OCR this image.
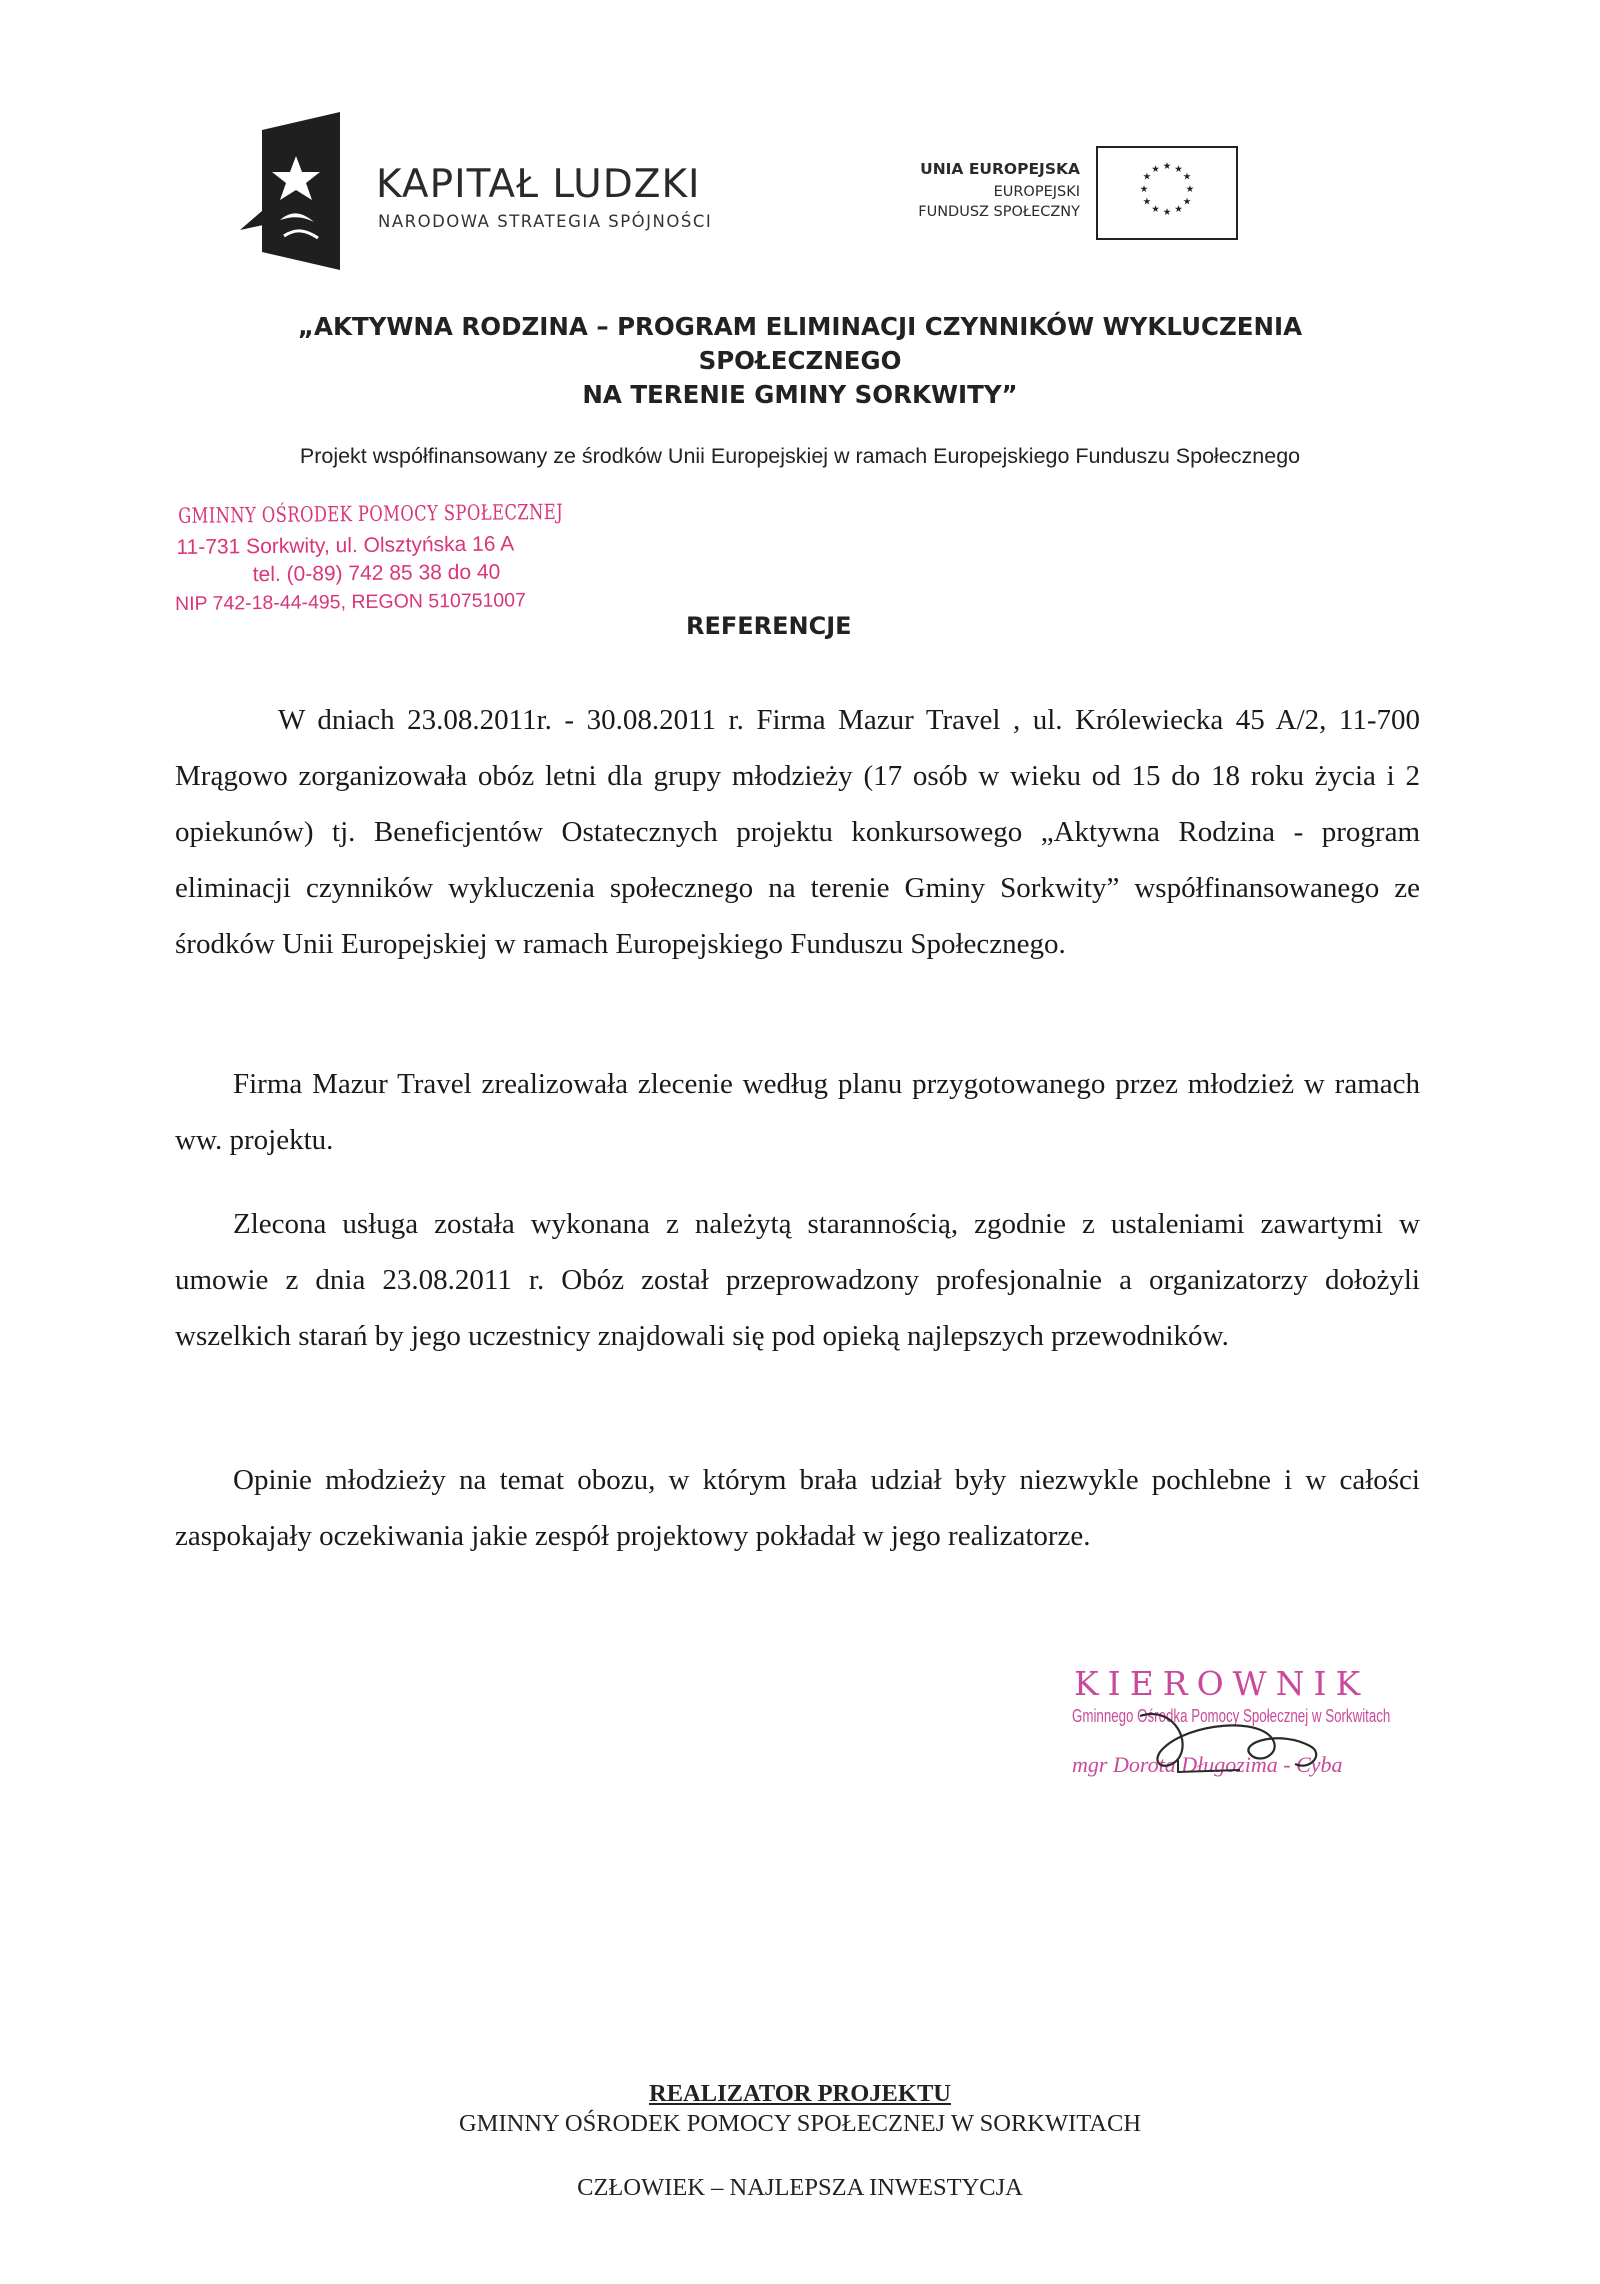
KAPITAŁ LUDZKI
NARODOWA STRATEGIA SPÓJNOŚCI
UNIA EUROPEJSKA
EUROPEJSKI
FUNDUSZ SPOŁECZNY
★ ★
★
★
★
★
★
★
★
★
★
★
„AKTYWNA RODZINA – PROGRAM ELIMINACJI CZYNNIKÓW WYKLUCZENIA
SPOŁECZNEGO
NA TERENIE GMINY SORKWITY”
Projekt współfinansowany ze środków Unii Europejskiej w ramach Europejskiego Funduszu Społecznego
GMINNY OŚRODEK POMOCY SPOŁECZNEJ
11-731 Sorkwity, ul. Olsztyńska 16 A
tel. (0-89) 742 85 38 do 40
NIP 742-18-44-495, REGON 510751007
REFERENCJE
W dniach 23.08.2011r. - 30.08.2011 r. Firma Mazur Travel , ul. Królewiecka 45 A/2, 11-700 Mrągowo zorganizowała obóz letni dla grupy młodzieży (17 osób w wieku od 15 do 18 roku życia i 2 opiekunów) tj. Beneficjentów Ostatecznych projektu konkursowego „Aktywna Rodzina - program eliminacji czynników wykluczenia społecznego na terenie Gminy Sorkwity” współfinansowanego ze środków Unii Europejskiej w ramach Europejskiego Funduszu Społecznego.
Firma Mazur Travel zrealizowała zlecenie według planu przygotowanego przez młodzież w ramach ww. projektu.
Zlecona usługa została wykonana z należytą starannością, zgodnie z ustaleniami zawartymi w umowie z dnia 23.08.2011 r. Obóz został przeprowadzony profesjonalnie a organizatorzy dołożyli wszelkich starań by jego uczestnicy znajdowali się pod opieką najlepszych przewodników.
Opinie młodzieży na temat obozu, w którym brała udział były niezwykle pochlebne i w całości zaspokajały oczekiwania jakie zespół projektowy pokładał w jego realizatorze.
KIEROWNIK
Gminnego Ośrodka Pomocy Społecznej w Sorkwitach
mgr Dorota Długozima - Cyba
REALIZATOR PROJEKTU
GMINNY OŚRODEK POMOCY SPOŁECZNEJ W SORKWITACH
CZŁOWIEK – NAJLEPSZA INWESTYCJA
